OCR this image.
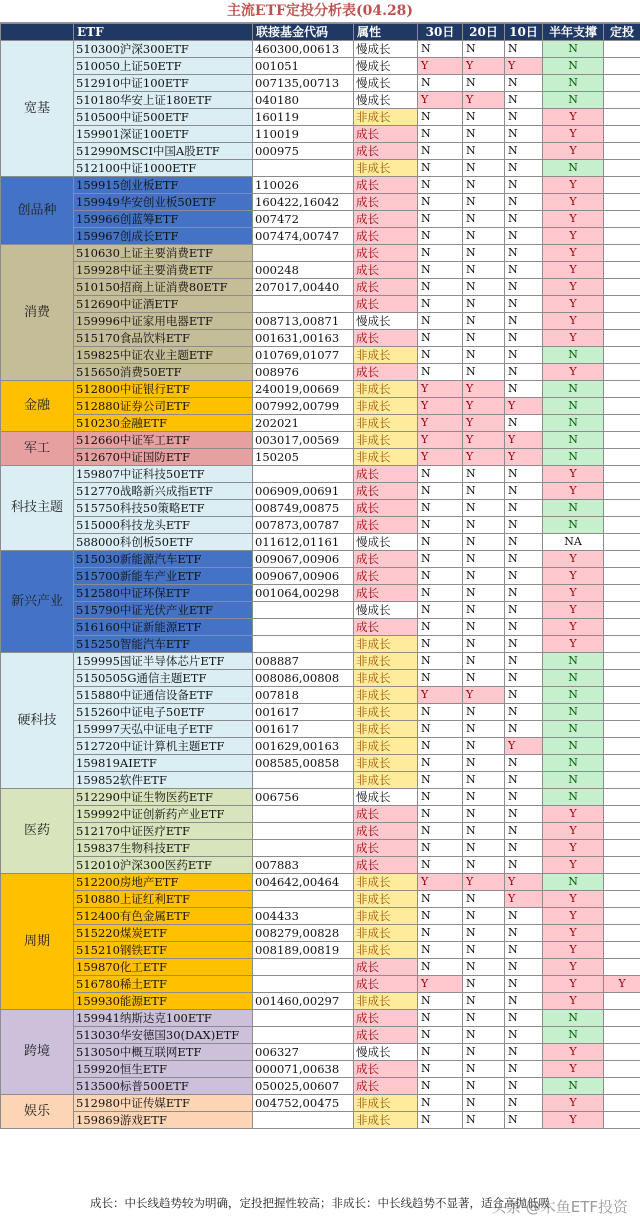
主流ETF定投分析表(04.28)
	ETF	联接基金代码	属性	30日	20日	10日	半年支撑	定投
宽基	510300沪深300ETF	460300,00613	慢成长	N	N	N	N	
	510050上证50ETF	001051	慢成长	Y	Y	Y	N	
	512910中证100ETF	007135,00713	慢成长	N	N	N	N	
	510180华安上证180ETF	040180	慢成长	Y	Y	N	N	
	510500中证500ETF	160119	非成长	N	N	N	Y	
	159901深证100ETF	110019	成长	N	N	N	Y	
	512990MSCI中国A股ETF	000975	成长	N	N	N	Y	
	512100中证1000ETF		非成长	N	N	N	N	
创品种	159915创业板ETF	110026	成长	N	N	N	Y	
	159949华安创业板50ETF	160422,16042	成长	N	N	N	Y	
	159966创蓝筹ETF	007472	成长	N	N	N	Y	
	159967创成长ETF	007474,00747	成长	N	N	N	Y	
消费	510630上证主要消费ETF		成长	N	N	N	Y	
	159928中证主要消费ETF	000248	成长	N	N	N	Y	
	510150招商上证消费80ETF	207017,00440	成长	N	N	N	Y	
	512690中证酒ETF		成长	N	N	N	Y	
	159996中证家用电器ETF	008713,00871	慢成长	N	N	N	Y	
	515170食品饮料ETF	001631,00163	成长	N	N	N	Y	
	159825中证农业主题ETF	010769,01077	非成长	N	N	N	N	
	515650消费50ETF	008976	成长	N	N	N	Y	
金融	512800中证银行ETF	240019,00669	非成长	Y	Y	N	N	
	512880证券公司ETF	007992,00799	非成长	Y	Y	Y	N	
	510230金融ETF	202021	非成长	Y	Y	N	N	
军工	512660中证军工ETF	003017,00569	非成长	Y	Y	Y	N	
	512670中证国防ETF	150205	非成长	Y	Y	Y	N	
科技主题	159807中证科技50ETF		成长	N	N	N	Y	
	512770战略新兴成指ETF	006909,00691	成长	N	N	N	Y	
	515750科技50策略ETF	008749,00875	成长	N	N	N	N	
	515000科技龙头ETF	007873,00787	成长	N	N	N	N	
	588000科创板50ETF	011612,01161	慢成长	N	N	N	NA	
新兴产业	515030新能源汽车ETF	009067,00906	成长	N	N	N	Y	
	515700新能车产业ETF	009067,00906	成长	N	N	N	Y	
	512580中证环保ETF	001064,00298	成长	N	N	N	Y	
	515790中证光伏产业ETF		慢成长	N	N	N	Y	
	516160中证新能源ETF		成长	N	N	N	Y	
	515250智能汽车ETF		非成长	N	N	N	Y	
硬科技	159995国证半导体芯片ETF	008887	非成长	N	N	N	N	
	5150505G通信主题ETF	008086,00808	非成长	N	N	N	N	
	515880中证通信设备ETF	007818	非成长	Y	Y	N	N	
	515260中证电子50ETF	001617	非成长	N	N	N	N	
	159997天弘中证电子ETF	001617	非成长	N	N	N	N	
	512720中证计算机主题ETF	001629,00163	非成长	N	N	Y	N	
	159819AIETF	008585,00858	非成长	N	N	N	N	
	159852软件ETF		非成长	N	N	N	N	
医药	512290中证生物医药ETF	006756	慢成长	N	N	N	N	
	159992中证创新药产业ETF		成长	N	N	N	Y	
	512170中证医疗ETF		成长	N	N	N	Y	
	159837生物科技ETF		成长	N	N	N	Y	
	512010沪深300医药ETF	007883	成长	N	N	N	Y	
周期	512200房地产ETF	004642,00464	非成长	Y	Y	Y	N	
	510880上证红利ETF		非成长	N	N	Y	Y	
	512400有色金属ETF	004433	非成长	N	N	N	Y	
	515220煤炭ETF	008279,00828	非成长	N	N	N	Y	
	515210钢铁ETF	008189,00819	非成长	N	N	N	Y	
	159870化工ETF		成长	N	N	N	Y	
	516780稀土ETF		成长	Y	N	N	Y	Y
	159930能源ETF	001460,00297	非成长	N	N	N	Y	
跨境	159941纳斯达克100ETF		成长	N	N	N	N	
	513030华安德国30(DAX)ETF		成长	N	N	N	N	
	513050中概互联网ETF	006327	慢成长	N	N	N	Y	
	159920恒生ETF	000071,00638	成长	N	N	N	Y	
	513500标普500ETF	050025,00607	成长	N	N	N	N	
娱乐	512980中证传媒ETF	004752,00475	非成长	N	N	N	Y	
	159869游戏ETF		非成长	N	N	N	Y	
成长：中长线趋势较为明确，定投把握性较高；非成长：中长线趋势不显著，适合高抛低吸
头条 @木鱼ETF投资
